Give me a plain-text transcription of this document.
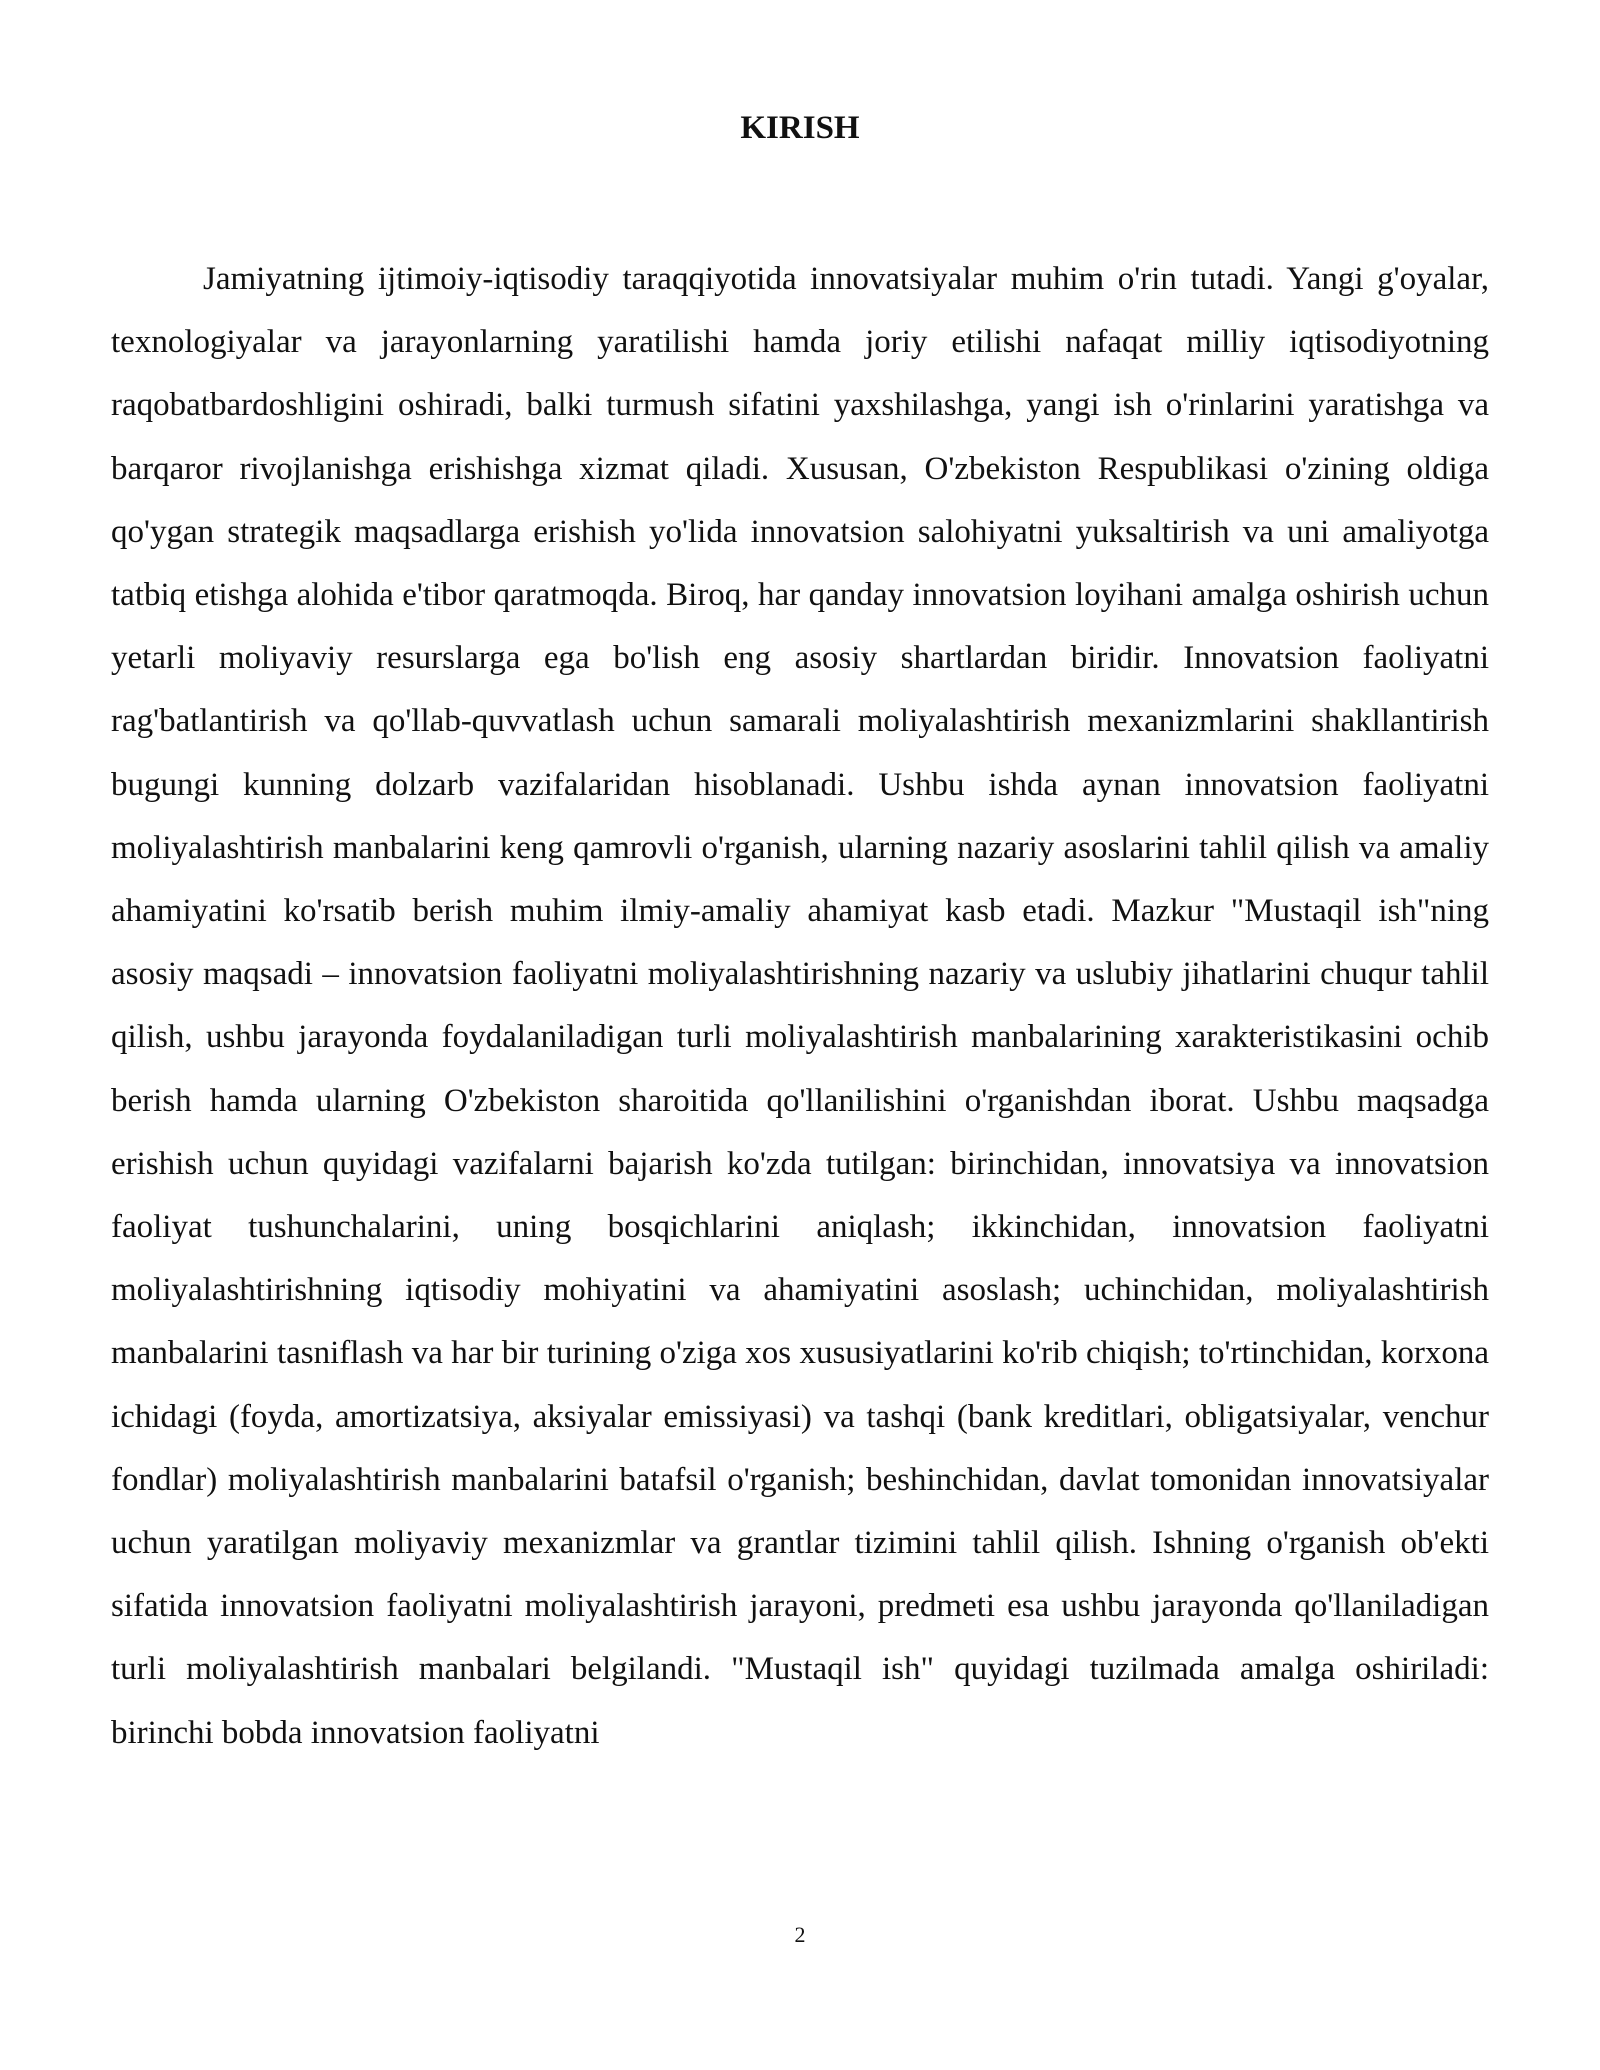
KIRISH

Jamiyatning ijtimoiy-iqtisodiy taraqqiyotida innovatsiyalar muhim o'rin tutadi. Yangi g'oyalar, texnologiyalar va jarayonlarning yaratilishi hamda joriy etilishi nafaqat milliy iqtisodiyotning raqobatbardoshligini oshiradi, balki turmush sifatini yaxshilashga, yangi ish o'rinlarini yaratishga va barqaror rivojlanishga erishishga xizmat qiladi. Xususan, O'zbekiston Respublikasi o'zining oldiga qo'ygan strategik maqsadlarga erishish yo'lida innovatsion salohiyatni yuksaltirish va uni amaliyotga tatbiq etishga alohida e'tibor qaratmoqda. Biroq, har qanday innovatsion loyihani amalga oshirish uchun yetarli moliyaviy resurslarga ega bo'lish eng asosiy shartlardan biridir. Innovatsion faoliyatni rag'batlantirish va qo'llab-quvvatlash uchun samarali moliyalashtirish mexanizmlarini shakllantirish bugungi kunning dolzarb vazifalaridan hisoblanadi. Ushbu ishda aynan innovatsion faoliyatni moliyalashtirish manbalarini keng qamrovli o'rganish, ularning nazariy asoslarini tahlil qilish va amaliy ahamiyatini ko'rsatib berish muhim ilmiy-amaliy ahamiyat kasb etadi. Mazkur "Mustaqil ish"ning asosiy maqsadi – innovatsion faoliyatni moliyalashtirishning nazariy va uslubiy jihatlarini chuqur tahlil qilish, ushbu jarayonda foydalaniladigan turli moliyalashtirish manbalarining xarakteristikasini ochib berish hamda ularning O'zbekiston sharoitida qo'llanilishini o'rganishdan iborat. Ushbu maqsadga erishish uchun quyidagi vazifalarni bajarish ko'zda tutilgan: birinchidan, innovatsiya va innovatsion faoliyat tushunchalarini, uning bosqichlarini aniqlash; ikkinchidan, innovatsion faoliyatni moliyalashtirishning iqtisodiy mohiyatini va ahamiyatini asoslash; uchinchidan, moliyalashtirish manbalarini tasniflash va har bir turining o'ziga xos xususiyatlarini ko'rib chiqish; to'rtinchidan, korxona ichidagi (foyda, amortizatsiya, aksiyalar emissiyasi) va tashqi (bank kreditlari, obligatsiyalar, venchur fondlar) moliyalashtirish manbalarini batafsil o'rganish; beshinchidan, davlat tomonidan innovatsiyalar uchun yaratilgan moliyaviy mexanizmlar va grantlar tizimini tahlil qilish. Ishning o'rganish ob'ekti sifatida innovatsion faoliyatni moliyalashtirish jarayoni, predmeti esa ushbu jarayonda qo'llaniladigan turli moliyalashtirish manbalari belgilandi. "Mustaqil ish" quyidagi tuzilmada amalga oshiriladi: birinchi bobda innovatsion faoliyatni

2
